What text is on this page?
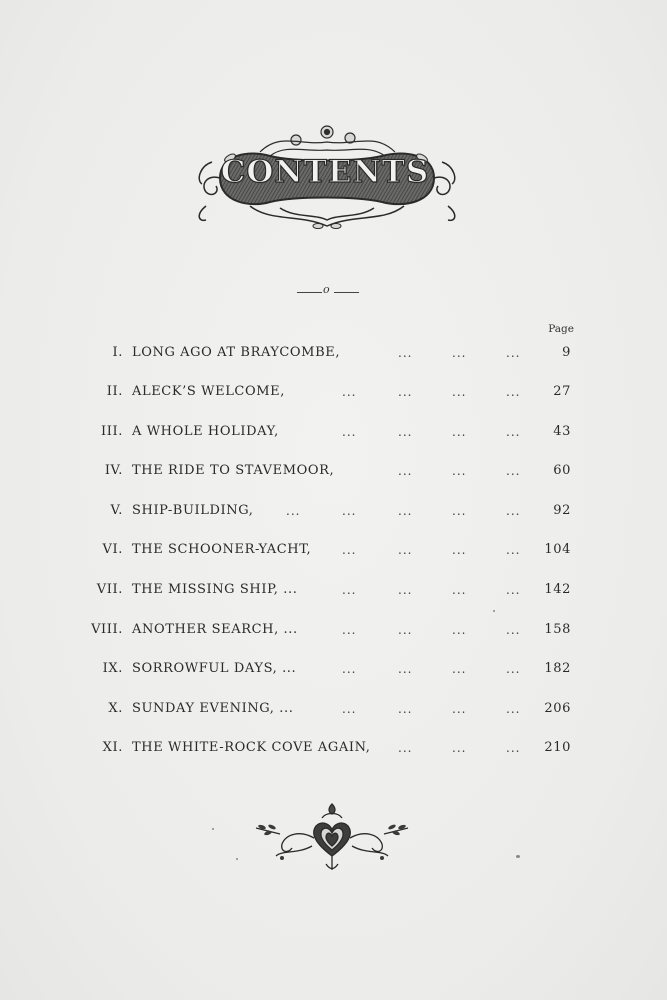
CONTENTS
o
Page
I. LONG AGO AT BRAYCOMBE,	...	...	...	9
II. ALECK’S WELCOME,	...	...	...	...	27
III. A WHOLE HOLIDAY,	...	...	...	...	43
IV. THE RIDE TO STAVEMOOR,	...	...	...	60
V. SHIP-BUILDING,	...	...	...	...	...	92
VI. THE SCHOONER-YACHT,	...	...	...	... 104
VII. THE MISSING SHIP, ...	...	...	...	... 142
VIII. ANOTHER SEARCH, ...	...	...	...	... 158
IX. SORROWFUL DAYS, ...	...	...	...	... 182
X. SUNDAY EVENING, ...	...	...	...	... 206
XI. THE WHITE-ROCK COVE AGAIN, ...	...	... 210
